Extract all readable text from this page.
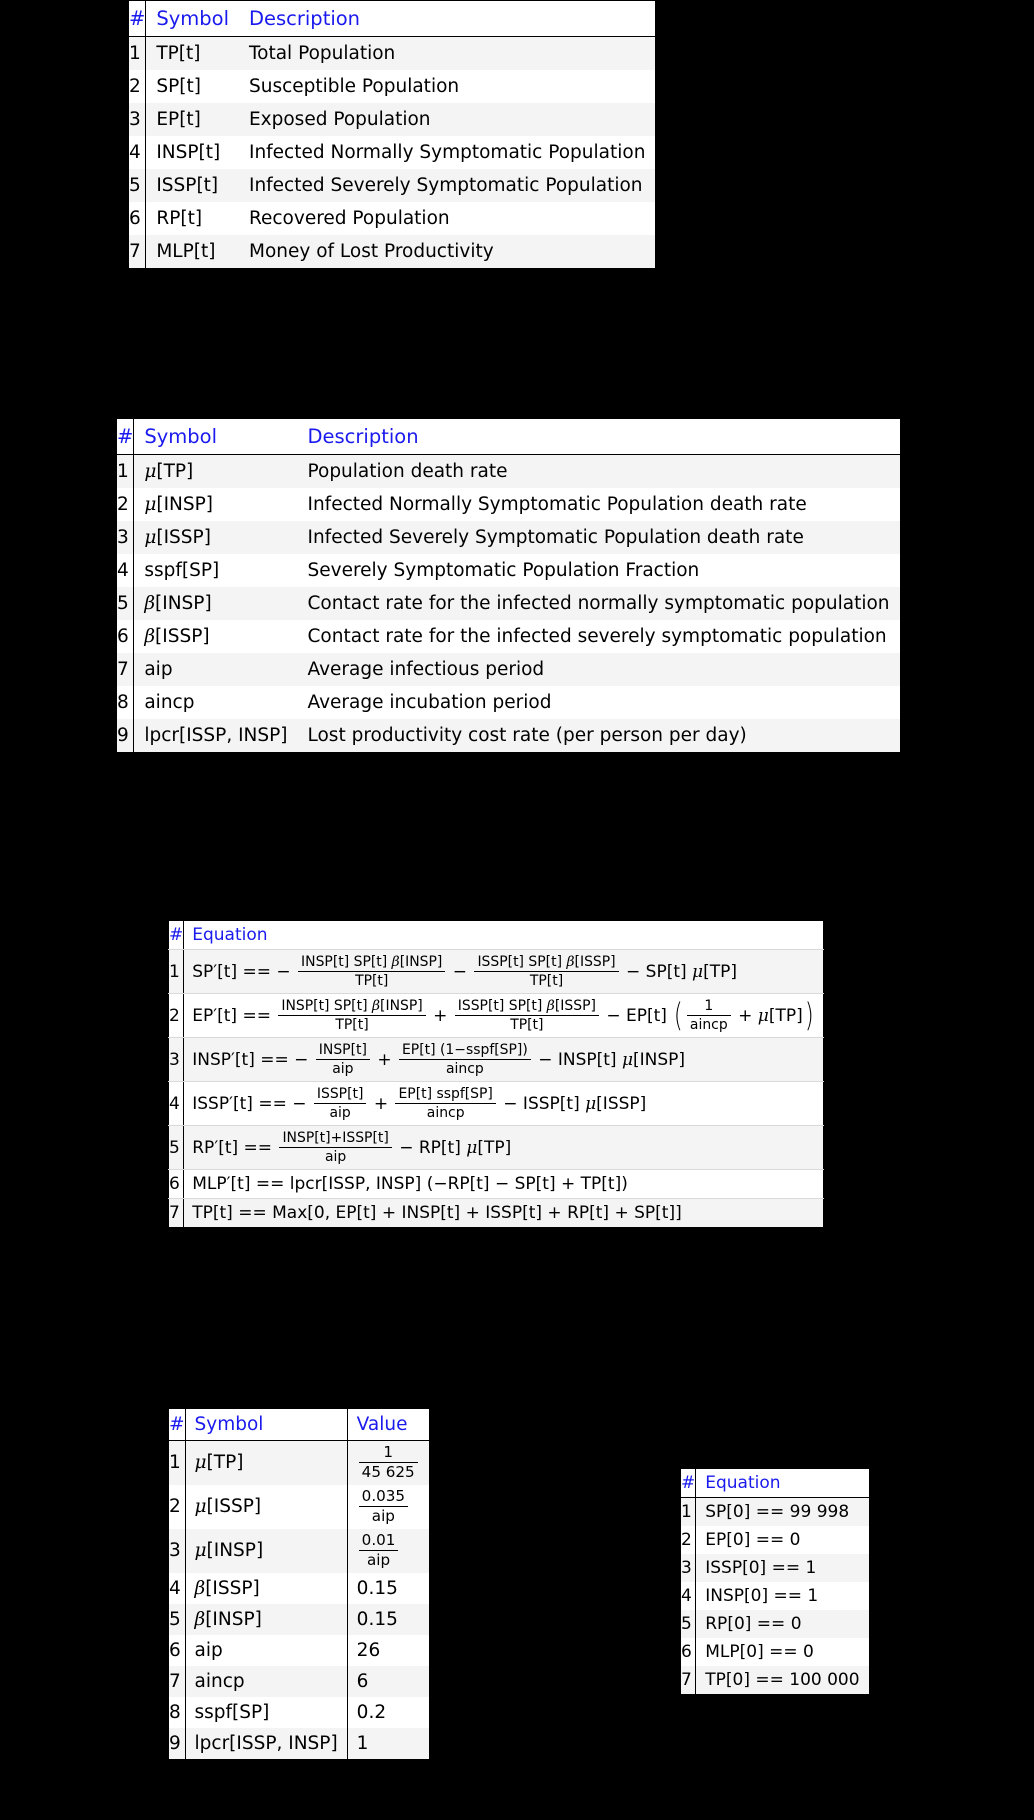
#	Symbol	Description
1	TP[t]	Total Population
2	SP[t]	Susceptible Population
3	EP[t]	Exposed Population
4	INSP[t]	Infected Normally Symptomatic Population
5	ISSP[t]	Infected Severely Symptomatic Population
6	RP[t]	Recovered Population
7	MLP[t]	Money of Lost Productivity
#	Symbol	Description
1	μ[TP]	Population death rate
2	μ[INSP]	Infected Normally Symptomatic Population death rate
3	μ[ISSP]	Infected Severely Symptomatic Population death rate
4	sspf[SP]	Severely Symptomatic Population Fraction
5	β[INSP]	Contact rate for the infected normally symptomatic population
6	β[ISSP]	Contact rate for the infected severely symptomatic population
7	aip	Average infectious period
8	aincp	Average incubation period
9	lpcr[ISSP, INSP]	Lost productivity cost rate (per person per day)
#	Equation
1	SP′[t] == − $\frac{\text{INSP[t] SP[t] β[INSP]}}{TP[t]} - \frac{\text{ISSP[t] SP[t] β[ISSP]}}{TP[t]} - SP[t]$ μ[TP]
2	$EP'[t] == \frac{\text{INSP[t] SP[t] β[INSP]}}{TP[t]} + \frac{\text{ISSP[t] SP[t] β[ISSP]}}{TP[t]} - EP[t]$ ( $\frac{1}{\text{aincp}} + \mu[TP]$)
3	INSP′[t] == − $\frac{\text{INSP[t]}}{\text{aip}} + \frac{\text{EP[t] (1−sspf[SP])}}{\text{aincp}}$ − INSP[t] μ[INSP]
4	ISSP′[t] == − $\frac{\text{ISSP[t]}}{\text{aip}} + \frac{\text{EP[t] sspf[SP]}}{\text{aincp}}$ − ISSP[t] μ[ISSP]
5	$RP'[t] == \frac{\text{INSP[t]+ISSP[t]}}{\text{aip}} - RP[t]$ μ[TP]
6	MLP′[t] == lpcr[ISSP, INSP] (−RP[t] − SP[t] + TP[t])
7	TP[t] == Max[0, EP[t] + INSP[t] + ISSP[t] + RP[t] + SP[t]]
#	Symbol	Value
1	μ[TP]	$\frac{1}{45 625}$

2	μ[ISSP]	$\frac{0.035}{\text{aip}}$

3	μ[INSP]	$\frac{0.01}{\text{aip}}$

4	β[ISSP]	0.15
5	β[INSP]	0.15
6	aip	26
7	aincp	6
8	sspf[SP]	0.2
9	lpcr[ISSP, INSP]	1
#	Equation
1	SP[0] == 99 998
2	EP[0] == 0
3	ISSP[0] == 1
4	INSP[0] == 1
5	RP[0] == 0
6	MLP[0] == 0
7	TP[0] == 100 000
